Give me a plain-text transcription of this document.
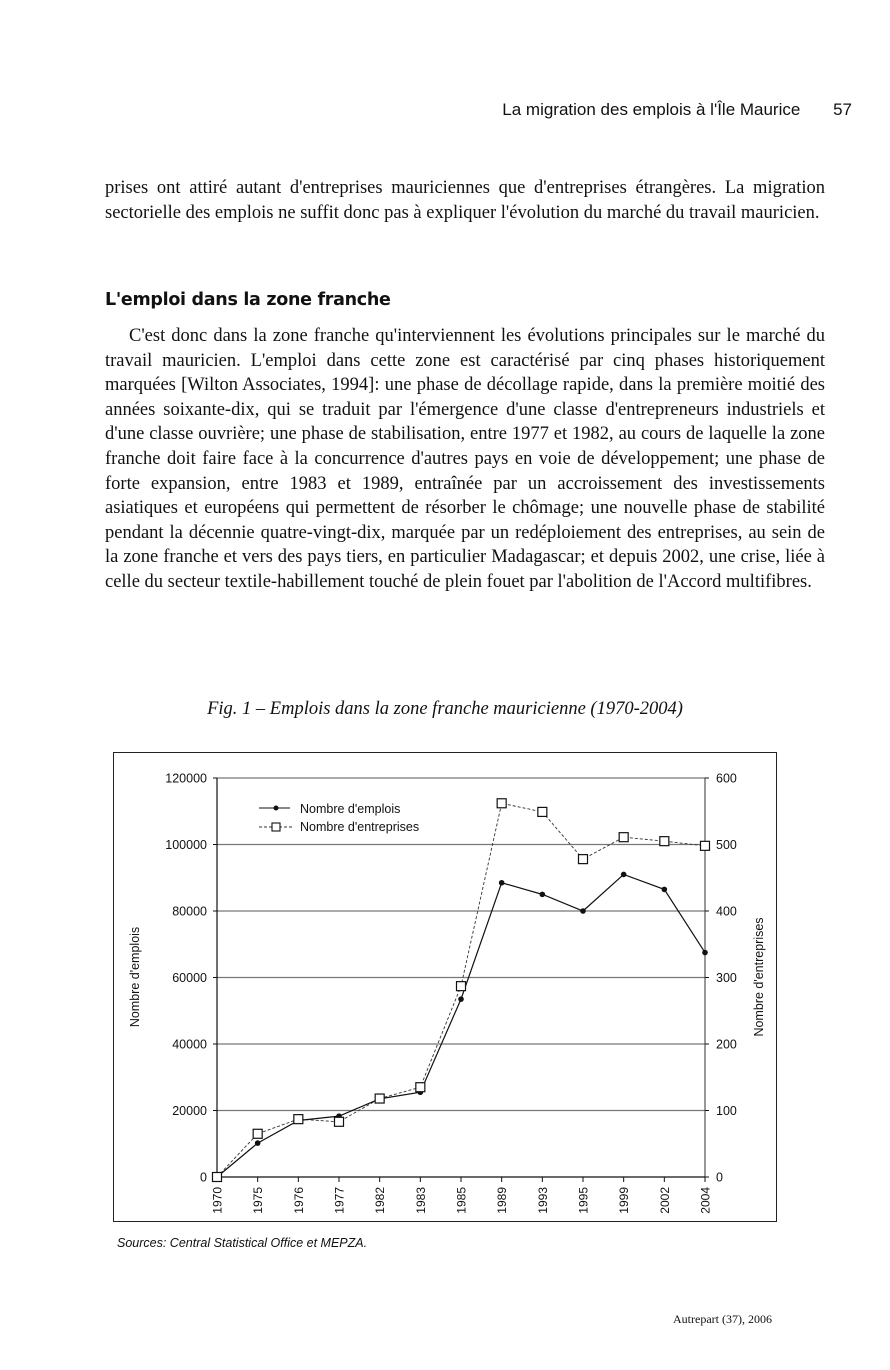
La migration des emplois à l'Île Maurice 57
prises ont attiré autant d'entreprises mauriciennes que d'entreprises étrangères. La migration sectorielle des emplois ne suffit donc pas à expliquer l'évolution du marché du travail mauricien.
L'emploi dans la zone franche
C'est donc dans la zone franche qu'interviennent les évolutions principales sur le marché du travail mauricien. L'emploi dans cette zone est caractérisé par cinq phases historiquement marquées [Wilton Associates, 1994]: une phase de décollage rapide, dans la première moitié des années soixante-dix, qui se traduit par l'émergence d'une classe d'entrepreneurs industriels et d'une classe ouvrière; une phase de stabilisation, entre 1977 et 1982, au cours de laquelle la zone franche doit faire face à la concurrence d'autres pays en voie de développement; une phase de forte expansion, entre 1983 et 1989, entraînée par un accroissement des investissements asiatiques et européens qui permettent de résorber le chômage; une nouvelle phase de stabilité pendant la décennie quatre-vingt-dix, marquée par un redéploiement des entreprises, au sein de la zone franche et vers des pays tiers, en particulier Madagascar; et depuis 2002, une crise, liée à celle du secteur textile-habillement touché de plein fouet par l'abolition de l'Accord multifibres.
Fig. 1 – Emplois dans la zone franche mauricienne (1970-2004)
0
20000
40000
60000
80000
100000
120000
0
100
200
300
400
500
600
1970 1975 1976 1977 1982 1983 1985 1989 1993 1995 1999 2002 2004
Nombre d'emplois
Nombre d'entreprises
Nombre d'emplois	Nombre d'entreprises
Sources: Central Statistical Office et MEPZA.
Autrepart (37), 2006
